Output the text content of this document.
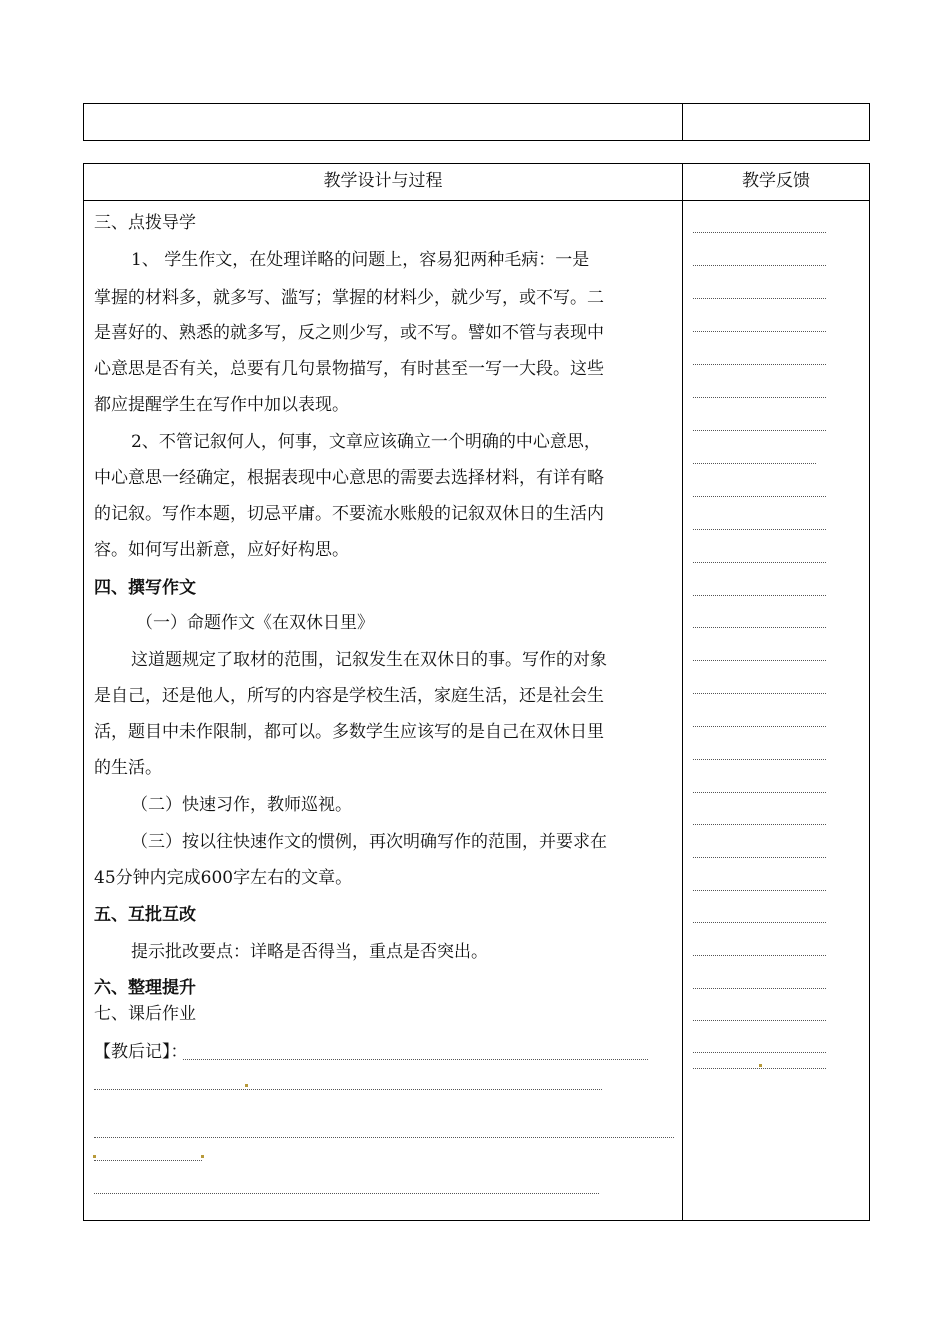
教学设计与过程	教学反馈
三、点拨导学
1、 学生作文，在处理详略的问题上，容易犯两种毛病：一是
掌握的材料多，就多写、滥写；掌握的材料少，就少写，或不写。二
是喜好的、熟悉的就多写，反之则少写，或不写。譬如不管与表现中
心意思是否有关，总要有几句景物描写，有时甚至一写一大段。这些
都应提醒学生在写作中加以表现。
2、不管记叙何人，何事，文章应该确立一个明确的中心意思，
中心意思一经确定，根据表现中心意思的需要去选择材料，有详有略
的记叙。写作本题，切忌平庸。不要流水账般的记叙双休日的生活内
容。如何写出新意，应好好构思。
四、撰写作文
（一）命题作文《在双休日里》
这道题规定了取材的范围，记叙发生在双休日的事。写作的对象
是自己，还是他人，所写的内容是学校生活，家庭生活，还是社会生
活，题目中未作限制，都可以。多数学生应该写的是自己在双休日里
的生活。
（二）快速习作，教师巡视。
（三）按以往快速作文的惯例，再次明确写作的范围，并要求在
45分钟内完成600字左右的文章。
五、互批互改
提示批改要点：详略是否得当，重点是否突出。
六、整理提升
七、课后作业
【教后记】：
